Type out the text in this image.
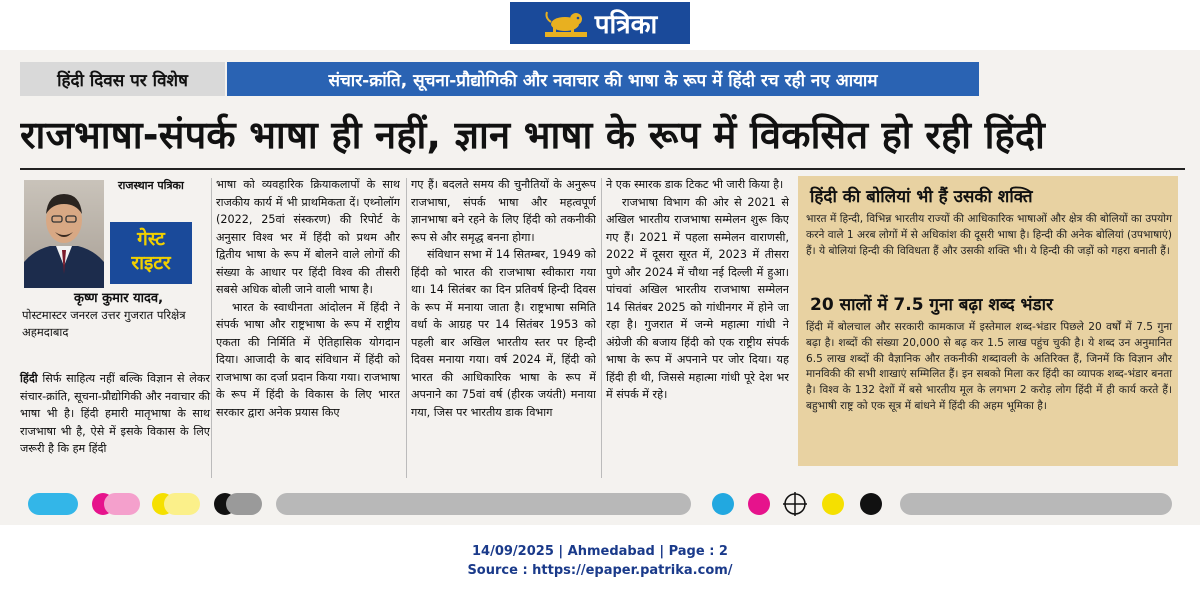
पत्रिका
हिंदी दिवस पर विशेष	संचार-क्रांति, सूचना-प्रौद्योगिकी और नवाचार की भाषा के रूप में हिंदी रच रही नए आयाम
राजभाषा-संपर्क भाषा ही नहीं, ज्ञान भाषा के रूप में विकसित हो रही हिंदी
राजस्थान पत्रिका
गेस्ट
राइटर
कृष्ण कुमार यादव,
पोस्टमास्टर जनरल उत्तर गुजरात परिक्षेत्र अहमदाबाद
हिंदी सिर्फ साहित्य नहीं बल्कि विज्ञान से लेकर संचार-क्रांति, सूचना-प्रौद्योगिकी और नवाचार की भाषा भी है। हिंदी हमारी मातृभाषा के साथ राजभाषा भी है, ऐसे में इसके विकास के लिए जरूरी है कि हम हिंदी

भाषा को व्यवहारिक क्रियाकलापों के साथ राजकीय कार्य में भी प्राथमिकता दें। एथ्नोलॉग (2022, 25वां संस्करण) की रिपोर्ट के अनुसार विश्व भर में हिंदी को प्रथम और द्वितीय भाषा के रूप में बोलने वाले लोगों की संख्या के आधार पर हिंदी विश्व की तीसरी सबसे अधिक बोली जाने वाली भाषा है।

भारत के स्वाधीनता आंदोलन में हिंदी ने संपर्क भाषा और राष्ट्रभाषा के रूप में राष्ट्रीय एकता की निर्मिति में ऐतिहासिक योगदान दिया। आजादी के बाद संविधान में हिंदी को राजभाषा का दर्जा प्रदान किया गया। राजभाषा के रूप में हिंदी के विकास के लिए भारत सरकार द्वारा अनेक प्रयास किए

गए हैं। बदलते समय की चुनौतियों के अनुरूप राजभाषा, संपर्क भाषा और महत्वपूर्ण ज्ञानभाषा बने रहने के लिए हिंदी को तकनीकी रूप से और समृद्ध बनना होगा।

संविधान सभा में 14 सितम्बर, 1949 को हिंदी को भारत की राजभाषा स्वीकारा गया था। 14 सितंबर का दिन प्रतिवर्ष हिन्दी दिवस के रूप में मनाया जाता है। राष्ट्रभाषा समिति वर्धा के आग्रह पर 14 सितंबर 1953 को पहली बार अखिल भारतीय स्तर पर हिन्दी दिवस मनाया गया। वर्ष 2024 में, हिंदी को भारत की आधिकारिक भाषा के रूप में अपनाने का 75वां वर्ष (हीरक जयंती) मनाया गया, जिस पर भारतीय डाक विभाग

ने एक स्मारक डाक टिकट भी जारी किया है।

राजभाषा विभाग की ओर से 2021 से अखिल भारतीय राजभाषा सम्मेलन शुरू किए गए हैं। 2021 में पहला सम्मेलन वाराणसी, 2022 में दूसरा सूरत में, 2023 में तीसरा पुणे और 2024 में चौथा नई दिल्ली में हुआ। पांचवां अखिल भारतीय राजभाषा सम्मेलन 14 सितंबर 2025 को गांधीनगर में होने जा रहा है। गुजरात में जन्मे महात्मा गांधी ने अंग्रेजी की बजाय हिंदी को एक राष्ट्रीय संपर्क भाषा के रूप में अपनाने पर जोर दिया। यह हिंदी ही थी, जिससे महात्मा गांधी पूरे देश भर में संपर्क में रहे।

हिंदी की बोलियां भी हैं उसकी शक्ति
भारत में हिन्दी, विभिन्न भारतीय राज्यों की आधिकारिक भाषाओं और क्षेत्र की बोलियों का उपयोग करने वाले 1 अरब लोगों में से अधिकांश की दूसरी भाषा है। हिन्दी की अनेक बोलियां (उपभाषाएं) हैं। ये बोलियां हिन्दी की विविधता हैं और उसकी शक्ति भी। ये हिन्दी की जड़ों को गहरा बनाती हैं।
20 सालों में 7.5 गुना बढ़ा शब्द भंडार
हिंदी में बोलचाल और सरकारी कामकाज में इस्तेमाल शब्द-भंडार पिछले 20 वर्षों में 7.5 गुना बढ़ा है। शब्दों की संख्या 20,000 से बढ़ कर 1.5 लाख पहुंच चुकी है। ये शब्द उन अनुमानित 6.5 लाख शब्दों की वैज्ञानिक और तकनीकी शब्दावली के अतिरिक्त हैं, जिनमें कि विज्ञान और मानविकी की सभी शाखाएं सम्मिलित हैं। इन सबको मिला कर हिंदी का व्यापक शब्द-भंडार बनता है। विश्व के 132 देशों में बसे भारतीय मूल के लगभग 2 करोड़ लोग हिंदी में ही कार्य करते हैं। बहुभाषी राष्ट्र को एक सूत्र में बांधने में हिंदी की अहम भूमिका है।
14/09/2025 | Ahmedabad | Page : 2
Source : https://epaper.patrika.com/
